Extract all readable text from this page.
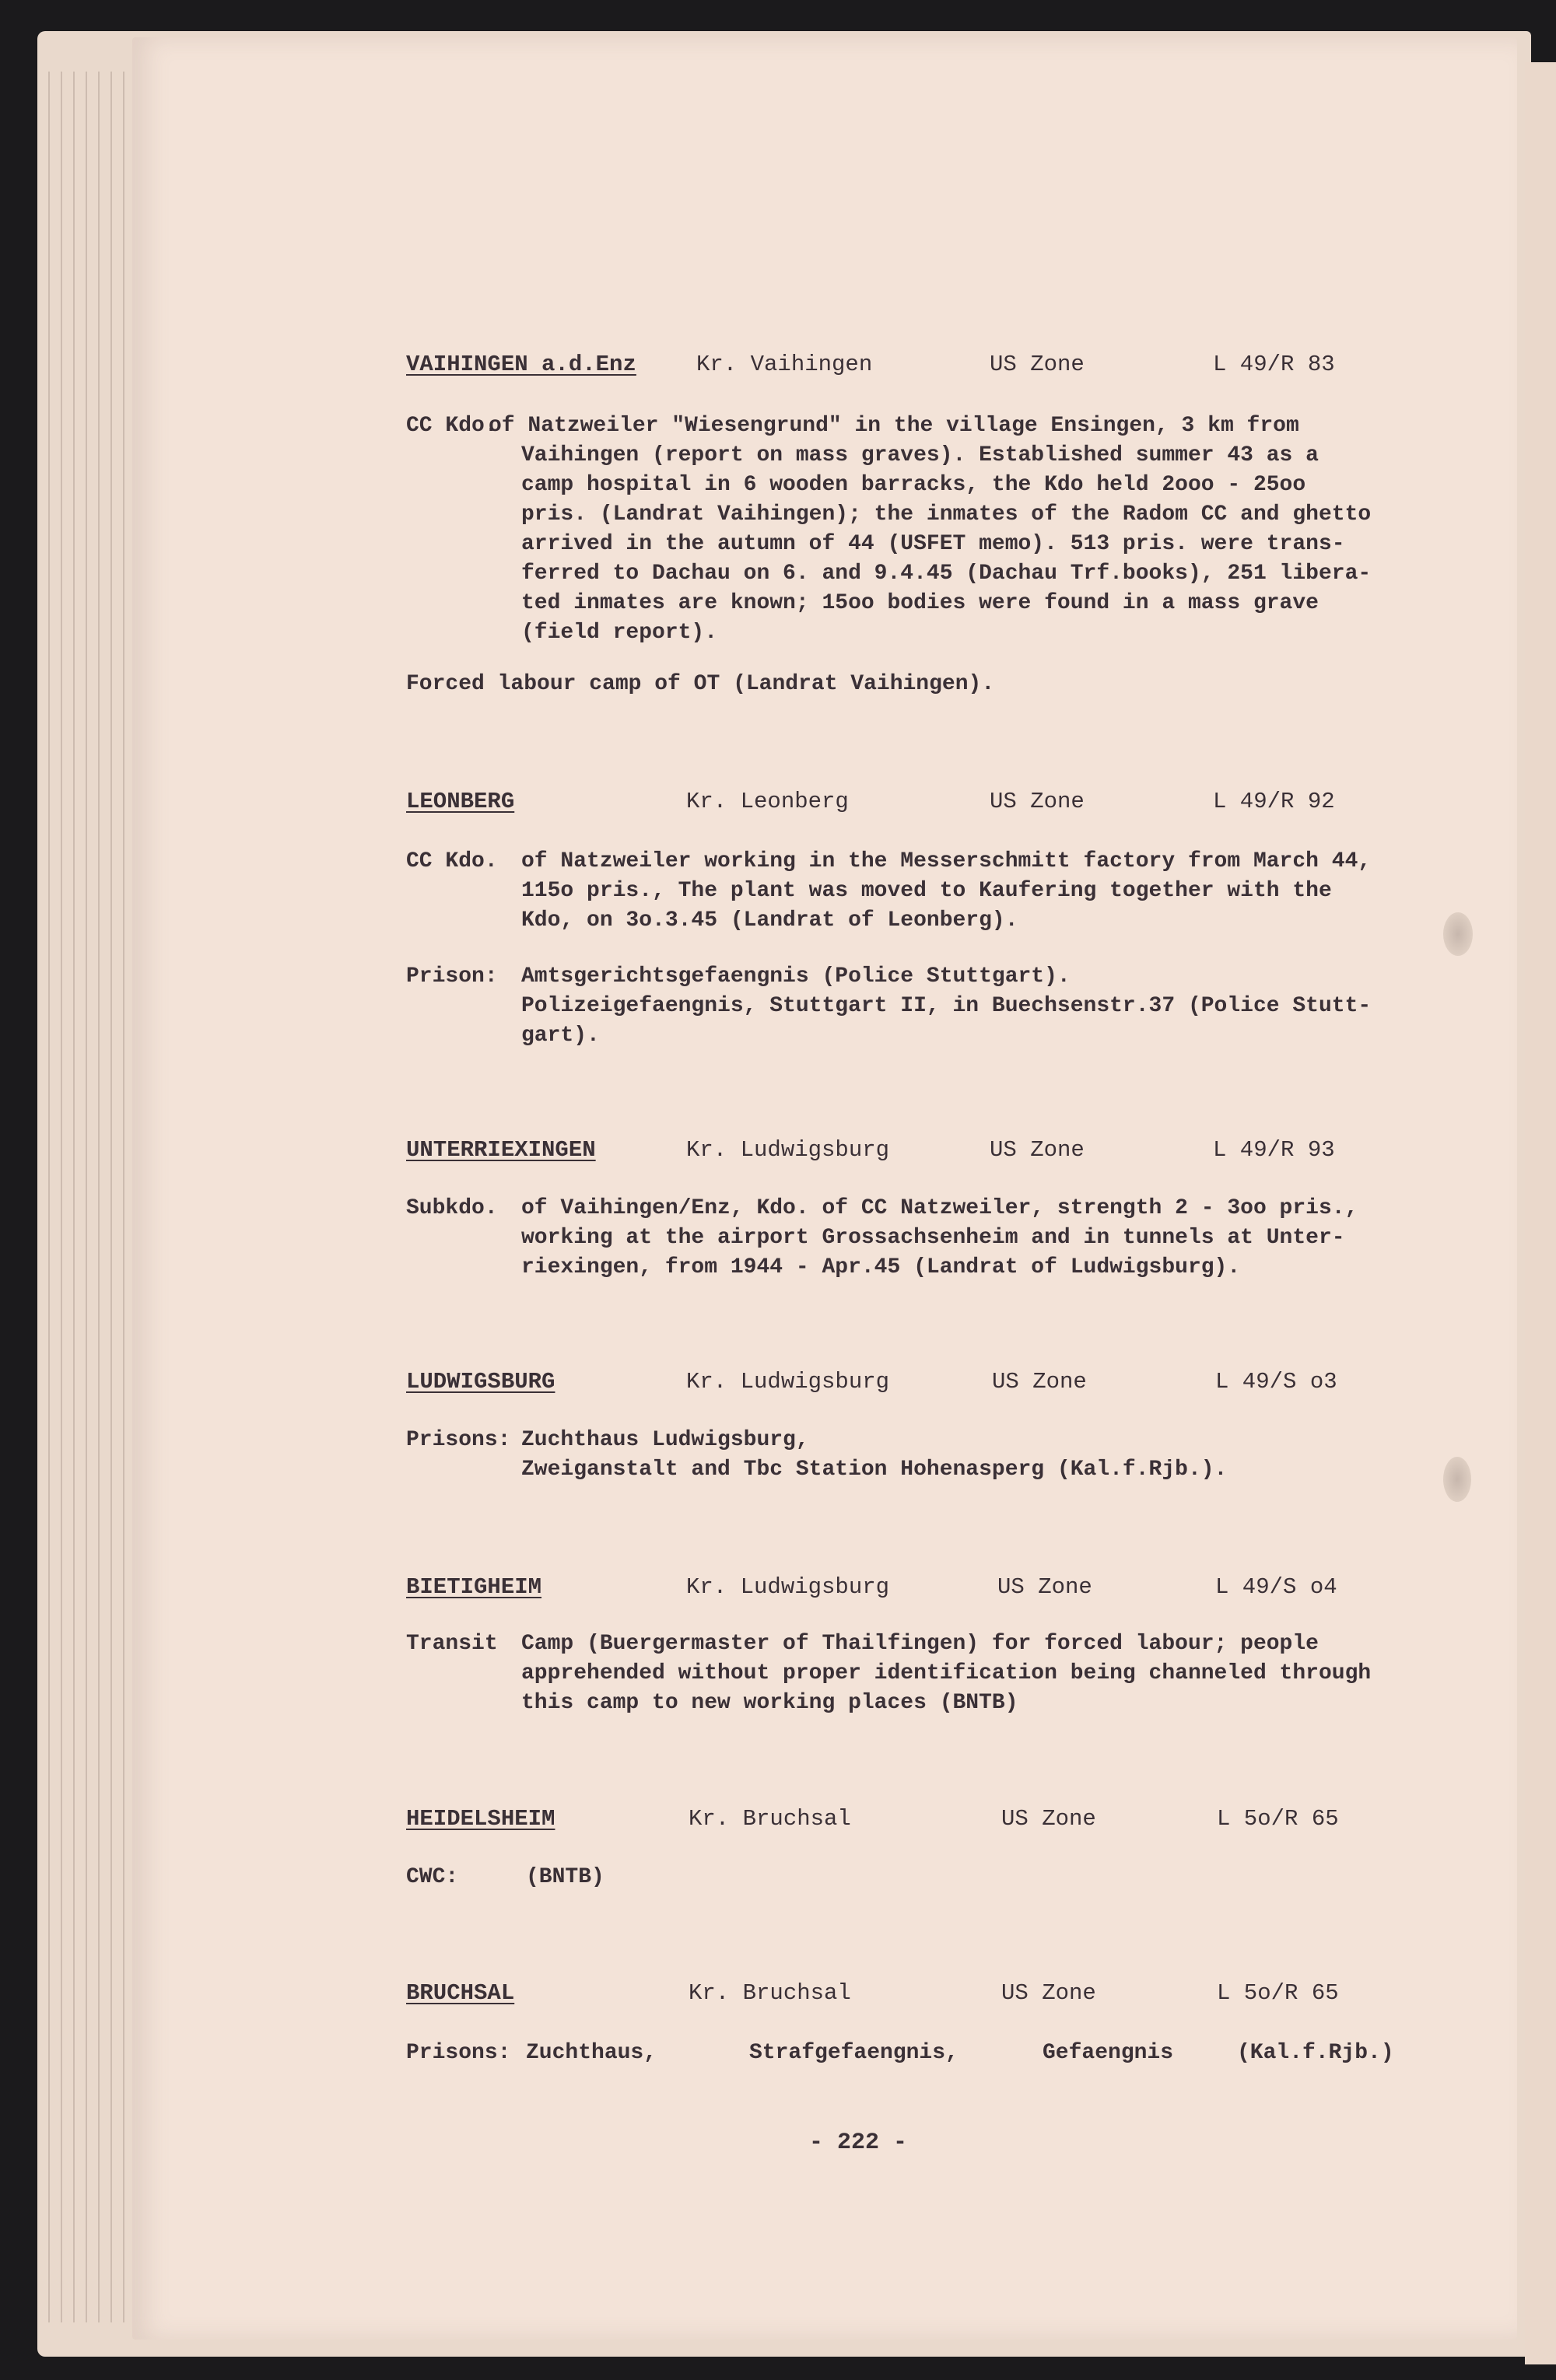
VAIHINGEN a.d.Enz	Kr. Vaihingen	US Zone	L 49/R 83
CC Kdo.
of Natzweiler "Wiesengrund" in the village Ensingen, 3 km from
Vaihingen (report on mass graves). Established summer 43 as a
camp hospital in 6 wooden barracks, the Kdo held 2ooo - 25oo
pris. (Landrat Vaihingen); the inmates of the Radom CC and ghetto
arrived in the autumn of 44 (USFET memo). 513 pris. were trans-
ferred to Dachau on 6. and 9.4.45 (Dachau Trf.books), 251 libera-
ted inmates are known; 15oo bodies were found in a mass grave
(field report).
Forced labour camp of OT (Landrat Vaihingen).
LEONBERG	Kr. Leonberg	US Zone	L 49/R 92
CC Kdo. of Natzweiler working in the Messerschmitt factory from March 44,
115o pris., The plant was moved to Kaufering together with the
Kdo, on 3o.3.45 (Landrat of Leonberg).
Prison: Amtsgerichtsgefaengnis (Police Stuttgart).
Polizeigefaengnis, Stuttgart II, in Buechsenstr.37 (Police Stutt-
gart).
UNTERRIEXINGEN	Kr. Ludwigsburg	US Zone	L 49/R 93
Subkdo. of Vaihingen/Enz, Kdo. of CC Natzweiler, strength 2 - 3oo pris.,
working at the airport Grossachsenheim and in tunnels at Unter-
riexingen, from 1944 - Apr.45 (Landrat of Ludwigsburg).
LUDWIGSBURG	Kr. Ludwigsburg	US Zone	L 49/S o3
Prisons: Zuchthaus Ludwigsburg,
Zweiganstalt and Tbc Station Hohenasperg (Kal.f.Rjb.).
BIETIGHEIM	Kr. Ludwigsburg	US Zone	L 49/S o4
Transit Camp (Buergermaster of Thailfingen) for forced labour; people
apprehended without proper identification being channeled through
this camp to new working places (BNTB)
HEIDELSHEIM	Kr. Bruchsal	US Zone	L 5o/R 65
CWC:	(BNTB)
BRUCHSAL	Kr. Bruchsal	US Zone	L 5o/R 65
Prisons: Zuchthaus,	Strafgefaengnis,	Gefaengnis	(Kal.f.Rjb.)
- 222 -
